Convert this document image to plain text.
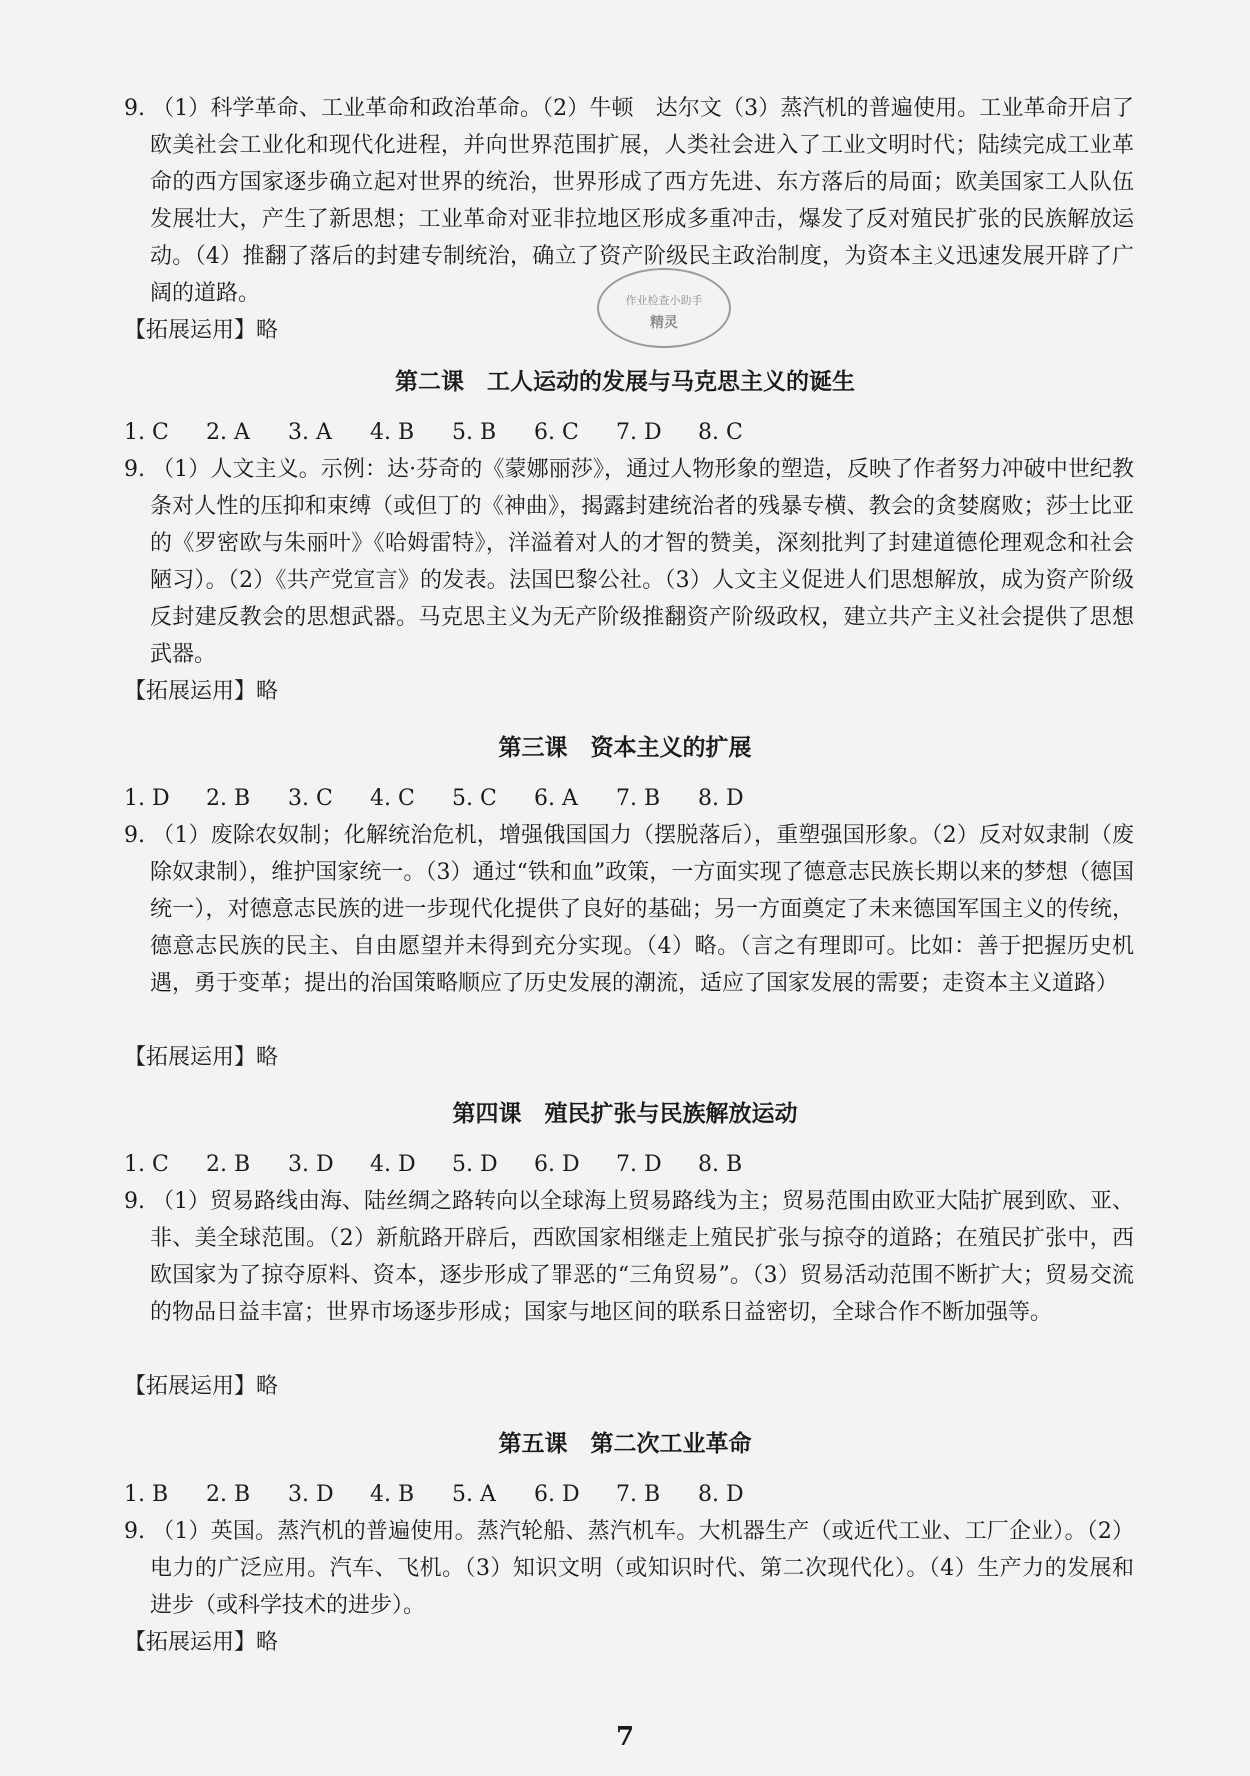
9. （1）科学革命、工业革命和政治革命。（2）牛顿　达尔文（3）蒸汽机的普遍使用。工业革命开启了欧美社会工业化和现代化进程，并向世界范围扩展，人类社会进入了工业文明时代；陆续完成工业革命的西方国家逐步确立起对世界的统治，世界形成了西方先进、东方落后的局面；欧美国家工人队伍发展壮大，产生了新思想；工业革命对亚非拉地区形成多重冲击，爆发了反对殖民扩张的民族解放运动。（4）推翻了落后的封建专制统治，确立了资产阶级民主政治制度，为资本主义迅速发展开辟了广阔的道路。
【拓展运用】略
作业检查小助手
精灵
第二课　工人运动的发展与马克思主义的诞生
1. C	2. A	3. A	4. B	5. B	6. C	7. D	8. C
9. （1）人文主义。示例：达·芬奇的《蒙娜丽莎》，通过人物形象的塑造，反映了作者努力冲破中世纪教条对人性的压抑和束缚（或但丁的《神曲》，揭露封建统治者的残暴专横、教会的贪婪腐败；莎士比亚的《罗密欧与朱丽叶》《哈姆雷特》，洋溢着对人的才智的赞美，深刻批判了封建道德伦理观念和社会陋习）。（2）《共产党宣言》的发表。法国巴黎公社。（3）人文主义促进人们思想解放，成为资产阶级反封建反教会的思想武器。马克思主义为无产阶级推翻资产阶级政权，建立共产主义社会提供了思想武器。
【拓展运用】略
第三课　资本主义的扩展
1. D	2. B	3. C	4. C	5. C	6. A	7. B	8. D
9. （1）废除农奴制；化解统治危机，增强俄国国力（摆脱落后），重塑强国形象。（2）反对奴隶制（废除奴隶制），维护国家统一。（3）通过“铁和血”政策，一方面实现了德意志民族长期以来的梦想（德国统一），对德意志民族的进一步现代化提供了良好的基础；另一方面奠定了未来德国军国主义的传统，德意志民族的民主、自由愿望并未得到充分实现。（4）略。（言之有理即可。比如：善于把握历史机遇，勇于变革；提出的治国策略顺应了历史发展的潮流，适应了国家发展的需要；走资本主义道路）
【拓展运用】略
第四课　殖民扩张与民族解放运动
1. C	2. B	3. D	4. D	5. D	6. D	7. D	8. B
9. （1）贸易路线由海、陆丝绸之路转向以全球海上贸易路线为主；贸易范围由欧亚大陆扩展到欧、亚、非、美全球范围。（2）新航路开辟后，西欧国家相继走上殖民扩张与掠夺的道路；在殖民扩张中，西欧国家为了掠夺原料、资本，逐步形成了罪恶的“三角贸易”。（3）贸易活动范围不断扩大；贸易交流的物品日益丰富；世界市场逐步形成；国家与地区间的联系日益密切，全球合作不断加强等。
【拓展运用】略
第五课　第二次工业革命
1. B	2. B	3. D	4. B	5. A	6. D	7. B	8. D
9. （1）英国。蒸汽机的普遍使用。蒸汽轮船、蒸汽机车。大机器生产（或近代工业、工厂企业）。（2）电力的广泛应用。汽车、飞机。（3）知识文明（或知识时代、第二次现代化）。（4）生产力的发展和进步（或科学技术的进步）。
【拓展运用】略
7
